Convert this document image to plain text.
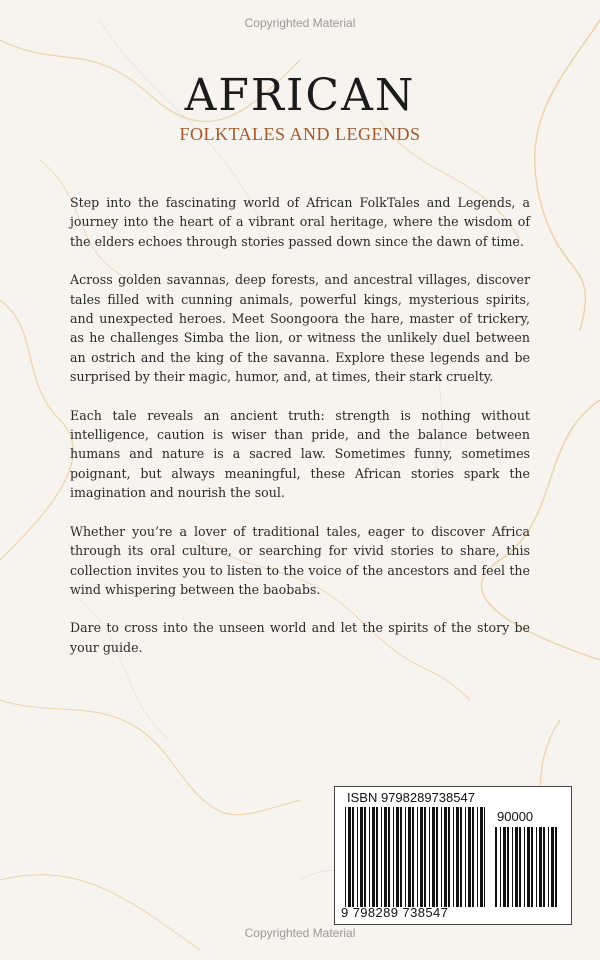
Copyrighted Material
AFRICAN
FOLKTALES AND LEGENDS

Step into the fascinating world of African FolkTales and Legends, a journey into the heart of a vibrant oral heritage, where the wisdom of the elders echoes through stories passed down since the dawn of time.

Across golden savannas, deep forests, and ancestral villages, discover tales filled with cunning animals, powerful kings, mysterious spirits, and unexpected heroes. Meet Soongoora the hare, master of trickery, as he challenges Simba the lion, or witness the unlikely duel between an ostrich and the king of the savanna. Explore these legends and be surprised by their magic, humor, and, at times, their stark cruelty.

Each tale reveals an ancient truth: strength is nothing without intelligence, caution is wiser than pride, and the balance between humans and nature is a sacred law. Sometimes funny, sometimes poignant, but always meaningful, these African stories spark the imagination and nourish the soul.

Whether you’re a lover of traditional tales, eager to discover Africa through its oral culture, or searching for vivid stories to share, this collection invites you to listen to the voice of the ancestors and feel the wind whispering between the baobabs.

Dare to cross into the unseen world and let the spirits of the story be your guide.

ISBN 9798289738547
90000
9 798289 738547
Copyrighted Material
